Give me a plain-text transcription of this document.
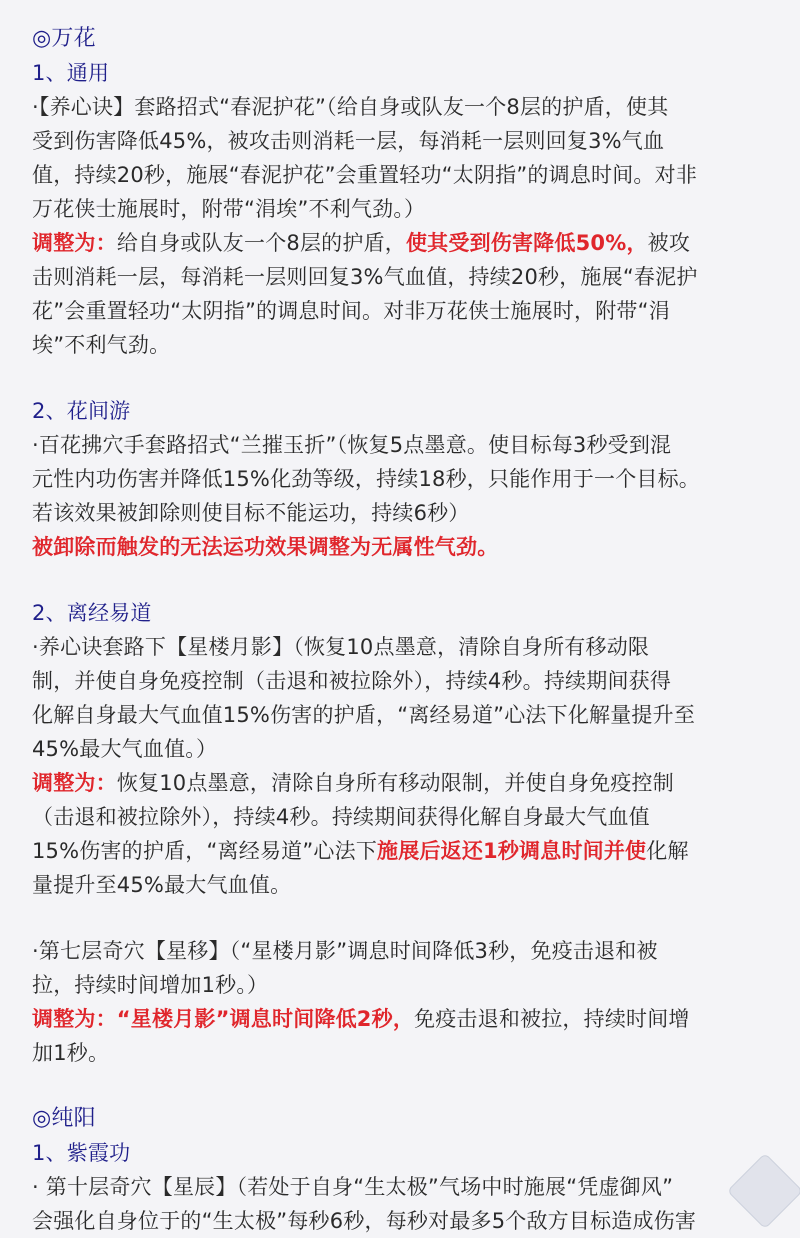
◎万花
1、通用
·【养心诀】套路招式“春泥护花”（给自身或队友一个8层的护盾，使其
受到伤害降低45%，被攻击则消耗一层，每消耗一层则回复3%气血
值，持续20秒，施展“春泥护花”会重置轻功“太阴指”的调息时间。对非
万花侠士施展时，附带“涓埃”不利气劲。）
调整为：给自身或队友一个8层的护盾，使其受到伤害降低50%，被攻
击则消耗一层，每消耗一层则回复3%气血值，持续20秒，施展“春泥护
花”会重置轻功“太阴指”的调息时间。对非万花侠士施展时，附带“涓
埃”不利气劲。
2、花间游
·百花拂穴手套路招式“兰摧玉折”（恢复5点墨意。使目标每3秒受到混
元性内功伤害并降低15%化劲等级，持续18秒，只能作用于一个目标。
若该效果被卸除则使目标不能运功，持续6秒）
被卸除而触发的无法运功效果调整为无属性气劲。
2、离经易道
·养心诀套路下【星楼月影】（恢复10点墨意，清除自身所有移动限
制，并使自身免疫控制（击退和被拉除外），持续4秒。持续期间获得
化解自身最大气血值15%伤害的护盾，“离经易道”心法下化解量提升至
45%最大气血值。）
调整为：恢复10点墨意，清除自身所有移动限制，并使自身免疫控制
（击退和被拉除外），持续4秒。持续期间获得化解自身最大气血值
15%伤害的护盾，“离经易道”心法下施展后返还1秒调息时间并使化解
量提升至45%最大气血值。
·第七层奇穴【星移】（“星楼月影”调息时间降低3秒，免疫击退和被
拉，持续时间增加1秒。）
调整为：“星楼月影”调息时间降低2秒，免疫击退和被拉，持续时间增
加1秒。
◎纯阳
1、紫霞功
· 第十层奇穴【星辰】（若处于自身“生太极”气场中时施展“凭虚御风”
会强化自身位于的“生太极”每秒6秒，每秒对最多5个敌方目标造成伤害
